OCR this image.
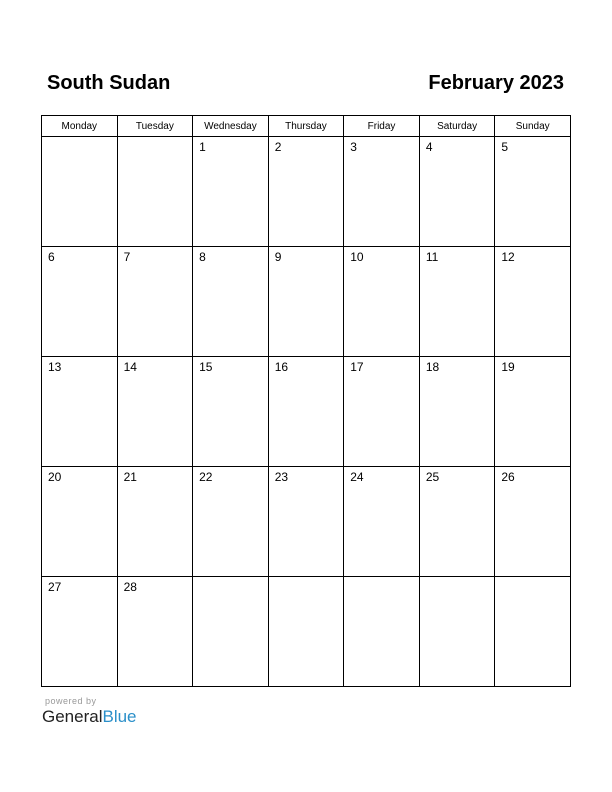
South Sudan	February 2023
Monday	Tuesday	Wednesday	Thursday	Friday	Saturday	Sunday

		1	2	3	4	5

6	7	8	9	10	11	12

13	14	15	16	17	18	19

20	21	22	23	24	25	26

27	28					

powered by
GeneralBlue
